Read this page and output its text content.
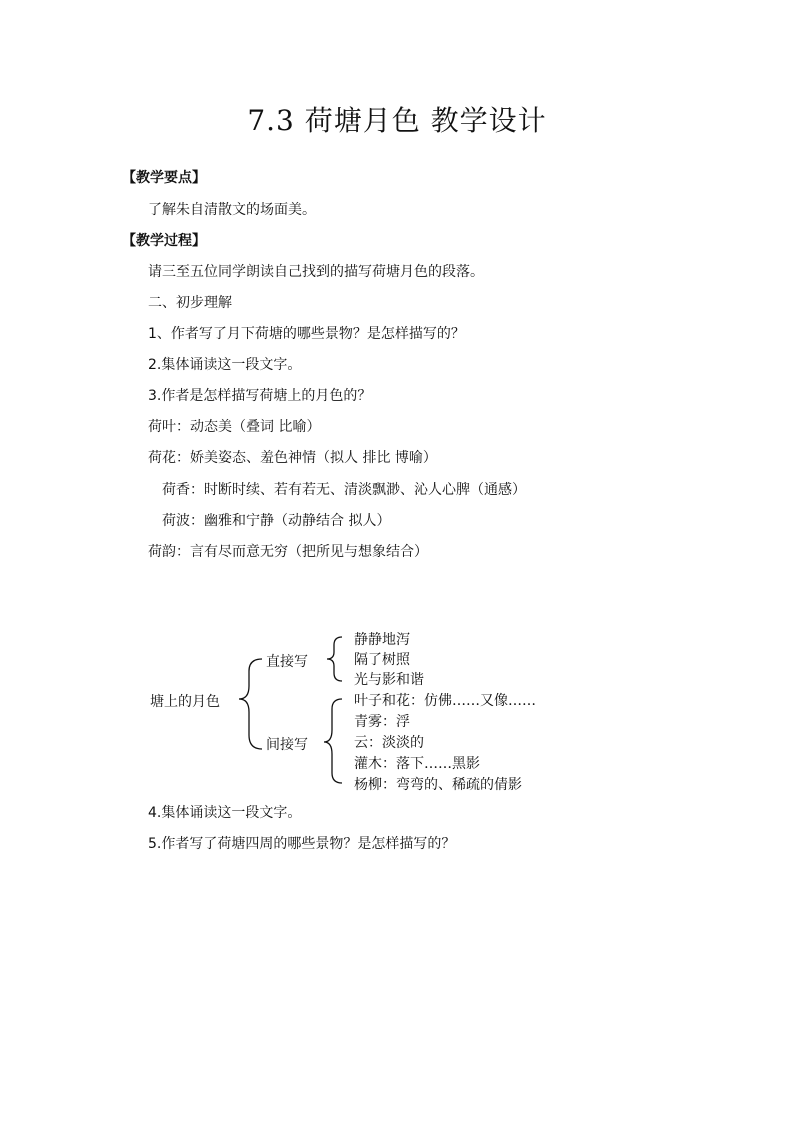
7.3 荷塘月色 教学设计
【教学要点】
了解朱自清散文的场面美。
【教学过程】
请三至五位同学朗读自己找到的描写荷塘月色的段落。
二、初步理解
1、作者写了月下荷塘的哪些景物？是怎样描写的？
2.集体诵读这一段文字。
3.作者是怎样描写荷塘上的月色的？
荷叶：动态美（叠词 比喻）
荷花：娇美姿态、羞色神情（拟人 排比 博喻）
荷香：时断时续、若有若无、清淡飘渺、沁人心脾（通感）
荷波：幽雅和宁静（动静结合 拟人）
荷韵：言有尽而意无穷（把所见与想象结合）
塘上的月色
直接写
静静地泻
隔了树照
光与影和谐
间接写
叶子和花：仿佛……又像……
青雾：浮
云：淡淡的
灌木：落下……黑影
杨柳：弯弯的、稀疏的倩影
4.集体诵读这一段文字。
5.作者写了荷塘四周的哪些景物？是怎样描写的？
